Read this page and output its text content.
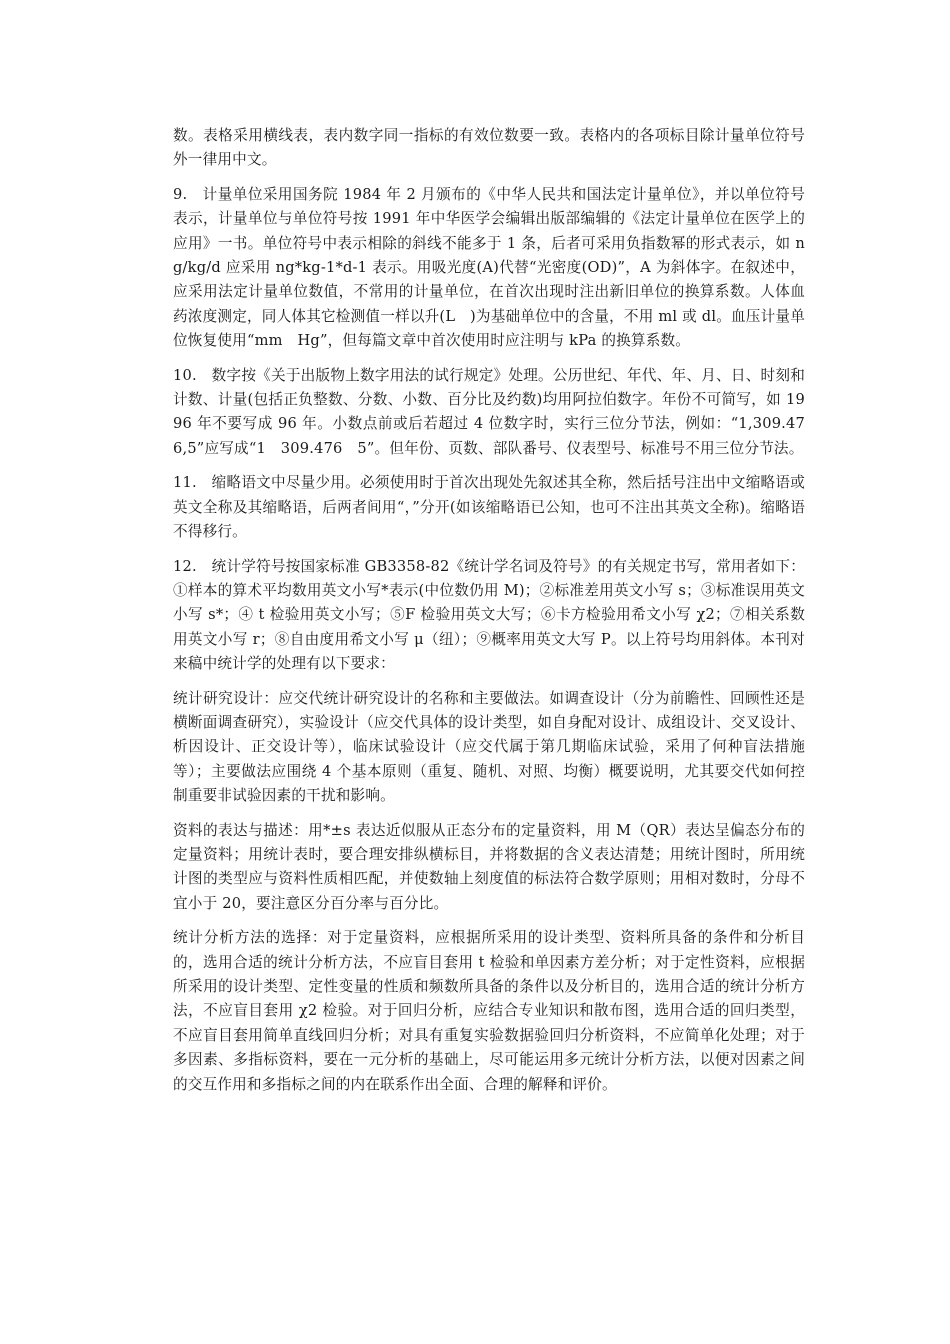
数。表格采用横线表，表内数字同一指标的有效位数要一致。表格内的各项标目除计量单位符号外一律用中文。

9.　计量单位采用国务院 1984 年 2 月颁布的《中华人民共和国法定计量单位》，并以单位符号表示，计量单位与单位符号按 1991 年中华医学会编辑出版部编辑的《法定计量单位在医学上的应用》一书。单位符号中表示相除的斜线不能多于 1 条，后者可采用负指数幂的形式表示，如 ng/kg/d 应采用 ng*kg-1*d-1 表示。用吸光度(A)代替“光密度(OD)”，A 为斜体字。在叙述中，应采用法定计量单位数值，不常用的计量单位，在首次出现时注出新旧单位的换算系数。人体血药浓度测定，同人体其它检测值一样以升(L　)为基础单位中的含量，不用 ml 或 dl。血压计量单位恢复使用“mm　Hg”，但每篇文章中首次使用时应注明与 kPa 的换算系数。

10.　数字按《关于出版物上数字用法的试行规定》处理。公历世纪、年代、年、月、日、时刻和计数、计量(包括正负整数、分数、小数、百分比及约数)均用阿拉伯数字。年份不可简写，如 1996 年不要写成 96 年。小数点前或后若超过 4 位数字时，实行三位分节法，例如：“1,309.476,5”应写成“1　309.476　5”。但年份、页数、部队番号、仪表型号、标准号不用三位分节法。

11.　缩略语文中尽量少用。必须使用时于首次出现处先叙述其全称，然后括号注出中文缩略语或英文全称及其缩略语，后两者间用“，”分开(如该缩略语已公知，也可不注出其英文全称)。缩略语不得移行。

12.　统计学符号按国家标准 GB3358-82《统计学名词及符号》的有关规定书写，常用者如下：①样本的算术平均数用英文小写*表示(中位数仍用 M)；②标准差用英文小写 s；③标准误用英文小写 s*；④ t 检验用英文小写；⑤F 检验用英文大写；⑥卡方检验用希文小写 χ2；⑦相关系数用英文小写 r；⑧自由度用希文小写 μ（纽）；⑨概率用英文大写 P。以上符号均用斜体。本刊对来稿中统计学的处理有以下要求：

统计研究设计：应交代统计研究设计的名称和主要做法。如调查设计（分为前瞻性、回顾性还是横断面调查研究），实验设计（应交代具体的设计类型，如自身配对设计、成组设计、交叉设计、析因设计、正交设计等），临床试验设计（应交代属于第几期临床试验，采用了何种盲法措施等）；主要做法应围绕 4 个基本原则（重复、随机、对照、均衡）概要说明，尤其要交代如何控制重要非试验因素的干扰和影响。

资料的表达与描述：用*±s 表达近似服从正态分布的定量资料，用 M（QR）表达呈偏态分布的定量资料；用统计表时，要合理安排纵横标目，并将数据的含义表达清楚；用统计图时，所用统计图的类型应与资料性质相匹配，并使数轴上刻度值的标法符合数学原则；用相对数时，分母不宜小于 20，要注意区分百分率与百分比。

统计分析方法的选择：对于定量资料，应根据所采用的设计类型、资料所具备的条件和分析目的，选用合适的统计分析方法，不应盲目套用 t 检验和单因素方差分析；对于定性资料，应根据所采用的设计类型、定性变量的性质和频数所具备的条件以及分析目的，选用合适的统计分析方法，不应盲目套用 χ2 检验。对于回归分析，应结合专业知识和散布图，选用合适的回归类型，不应盲目套用简单直线回归分析；对具有重复实验数据验回归分析资料，不应简单化处理；对于多因素、多指标资料，要在一元分析的基础上，尽可能运用多元统计分析方法，以便对因素之间的交互作用和多指标之间的内在联系作出全面、合理的解释和评价。
